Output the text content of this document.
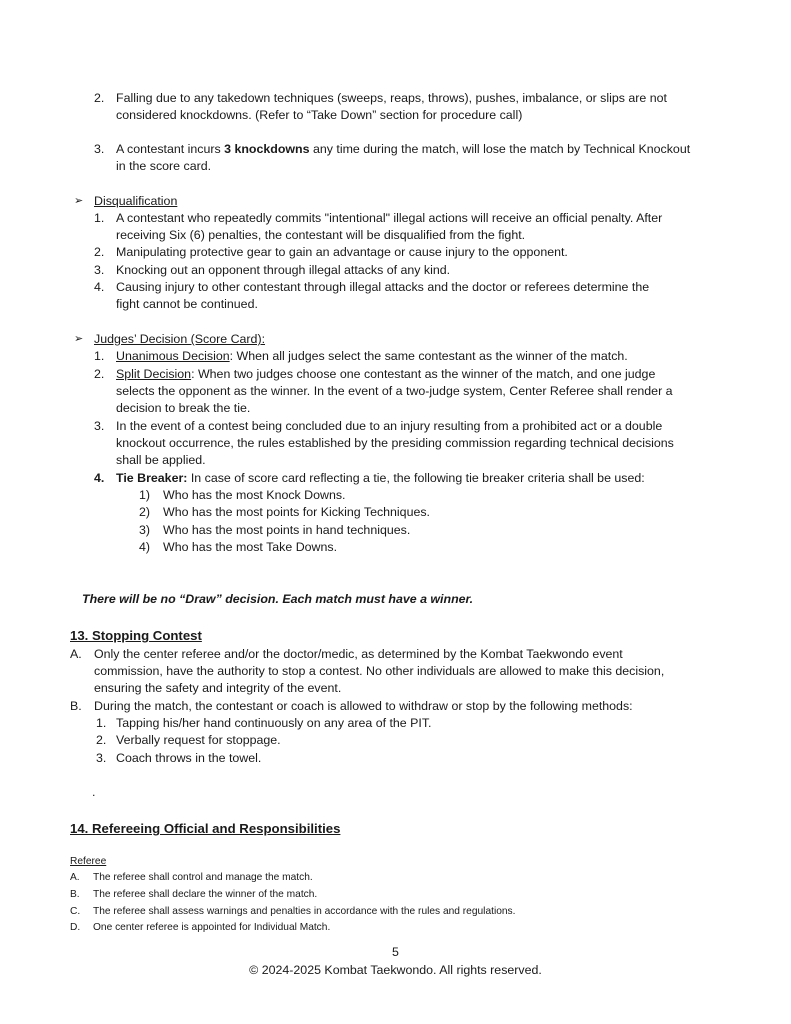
2. Falling due to any takedown techniques (sweeps, reaps, throws), pushes, imbalance, or slips are not
considered knockdowns. (Refer to “Take Down” section for procedure call)
3. A contestant incurs 3 knockdowns any time during the match, will lose the match by Technical Knockout
in the score card.
➢ Disqualification
1. A contestant who repeatedly commits "intentional" illegal actions will receive an official penalty. After
receiving Six (6) penalties, the contestant will be disqualified from the fight.
2. Manipulating protective gear to gain an advantage or cause injury to the opponent.
3. Knocking out an opponent through illegal attacks of any kind.
4. Causing injury to other contestant through illegal attacks and the doctor or referees determine the
fight cannot be continued.
➢ Judges’ Decision (Score Card):
1. Unanimous Decision: When all judges select the same contestant as the winner of the match.
2. Split Decision: When two judges choose one contestant as the winner of the match, and one judge
selects the opponent as the winner. In the event of a two-judge system, Center Referee shall render a
decision to break the tie.
3. In the event of a contest being concluded due to an injury resulting from a prohibited act or a double
knockout occurrence, the rules established by the presiding commission regarding technical decisions
shall be applied.
4. Tie Breaker: In case of score card reflecting a tie, the following tie breaker criteria shall be used:
1) Who has the most Knock Downs.
2) Who has the most points for Kicking Techniques.
3) Who has the most points in hand techniques.
4) Who has the most Take Downs.
There will be no “Draw” decision. Each match must have a winner.
13. Stopping Contest
A. Only the center referee and/or the doctor/medic, as determined by the Kombat Taekwondo event
commission, have the authority to stop a contest. No other individuals are allowed to make this decision,
ensuring the safety and integrity of the event.
B. During the match, the contestant or coach is allowed to withdraw or stop by the following methods:
1. Tapping his/her hand continuously on any area of the PIT.
2. Verbally request for stoppage.
3. Coach throws in the towel.
.
14. Refereeing Official and Responsibilities
Referee
A. The referee shall control and manage the match.
B. The referee shall declare the winner of the match.
C. The referee shall assess warnings and penalties in accordance with the rules and regulations.
D. One center referee is appointed for Individual Match.
5
© 2024-2025 Kombat Taekwondo. All rights reserved.
